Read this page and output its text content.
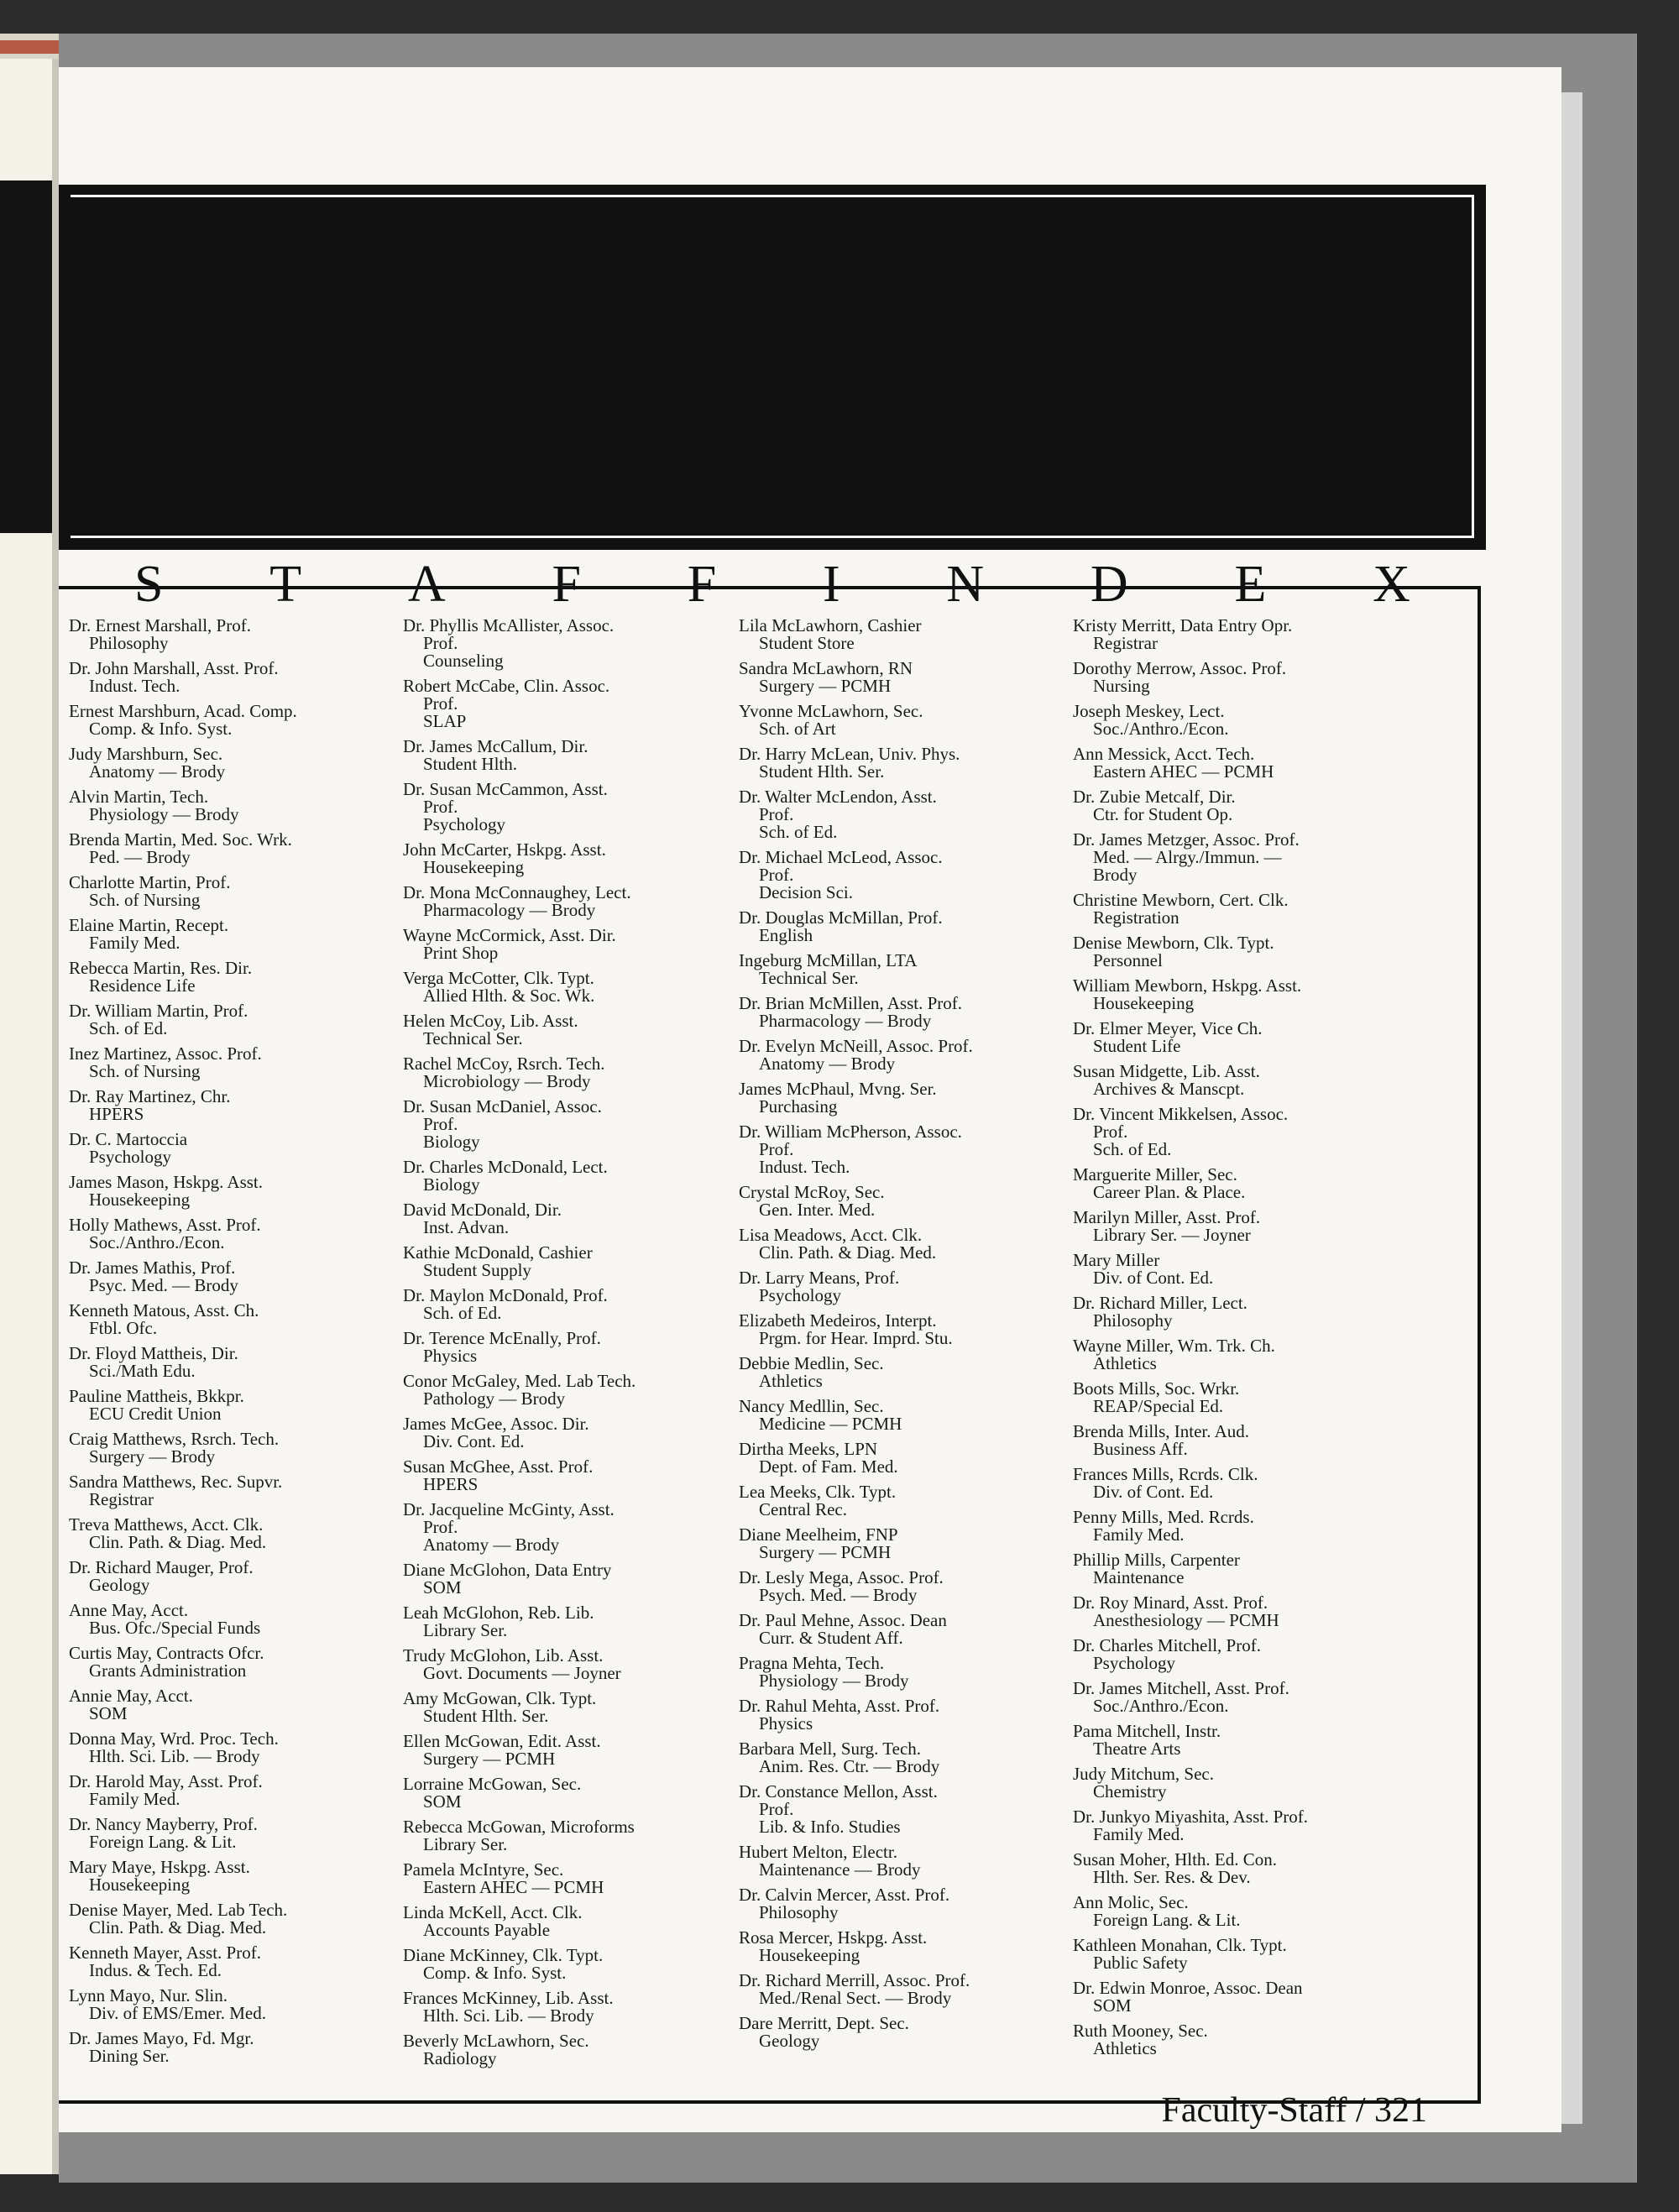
S T A F F I N D E X
Dr. Ernest Marshall, Prof.
Philosophy
Dr. John Marshall, Asst. Prof.
Indust. Tech.
Ernest Marshburn, Acad. Comp.
Comp. & Info. Syst.
Judy Marshburn, Sec.
Anatomy — Brody
Alvin Martin, Tech.
Physiology — Brody
Brenda Martin, Med. Soc. Wrk.
Ped. — Brody
Charlotte Martin, Prof.
Sch. of Nursing
Elaine Martin, Recept.
Family Med.
Rebecca Martin, Res. Dir.
Residence Life
Dr. William Martin, Prof.
Sch. of Ed.
Inez Martinez, Assoc. Prof.
Sch. of Nursing
Dr. Ray Martinez, Chr.
HPERS
Dr. C. Martoccia
Psychology
James Mason, Hskpg. Asst.
Housekeeping
Holly Mathews, Asst. Prof.
Soc./Anthro./Econ.
Dr. James Mathis, Prof.
Psyc. Med. — Brody
Kenneth Matous, Asst. Ch.
Ftbl. Ofc.
Dr. Floyd Mattheis, Dir.
Sci./Math Edu.
Pauline Mattheis, Bkkpr.
ECU Credit Union
Craig Matthews, Rsrch. Tech.
Surgery — Brody
Sandra Matthews, Rec. Supvr.
Registrar
Treva Matthews, Acct. Clk.
Clin. Path. & Diag. Med.
Dr. Richard Mauger, Prof.
Geology
Anne May, Acct.
Bus. Ofc./Special Funds
Curtis May, Contracts Ofcr.
Grants Administration
Annie May, Acct.
SOM
Donna May, Wrd. Proc. Tech.
Hlth. Sci. Lib. — Brody
Dr. Harold May, Asst. Prof.
Family Med.
Dr. Nancy Mayberry, Prof.
Foreign Lang. & Lit.
Mary Maye, Hskpg. Asst.
Housekeeping
Denise Mayer, Med. Lab Tech.
Clin. Path. & Diag. Med.
Kenneth Mayer, Asst. Prof.
Indus. & Tech. Ed.
Lynn Mayo, Nur. Slin.
Div. of EMS/Emer. Med.
Dr. James Mayo, Fd. Mgr.
Dining Ser.
Dr. Phyllis McAllister, Assoc.
Prof.
Counseling
Robert McCabe, Clin. Assoc.
Prof.
SLAP
Dr. James McCallum, Dir.
Student Hlth.
Dr. Susan McCammon, Asst.
Prof.
Psychology
John McCarter, Hskpg. Asst.
Housekeeping
Dr. Mona McConnaughey, Lect.
Pharmacology — Brody
Wayne McCormick, Asst. Dir.
Print Shop
Verga McCotter, Clk. Typt.
Allied Hlth. & Soc. Wk.
Helen McCoy, Lib. Asst.
Technical Ser.
Rachel McCoy, Rsrch. Tech.
Microbiology — Brody
Dr. Susan McDaniel, Assoc.
Prof.
Biology
Dr. Charles McDonald, Lect.
Biology
David McDonald, Dir.
Inst. Advan.
Kathie McDonald, Cashier
Student Supply
Dr. Maylon McDonald, Prof.
Sch. of Ed.
Dr. Terence McEnally, Prof.
Physics
Conor McGaley, Med. Lab Tech.
Pathology — Brody
James McGee, Assoc. Dir.
Div. Cont. Ed.
Susan McGhee, Asst. Prof.
HPERS
Dr. Jacqueline McGinty, Asst.
Prof.
Anatomy — Brody
Diane McGlohon, Data Entry
SOM
Leah McGlohon, Reb. Lib.
Library Ser.
Trudy McGlohon, Lib. Asst.
Govt. Documents — Joyner
Amy McGowan, Clk. Typt.
Student Hlth. Ser.
Ellen McGowan, Edit. Asst.
Surgery — PCMH
Lorraine McGowan, Sec.
SOM
Rebecca McGowan, Microforms
Library Ser.
Pamela McIntyre, Sec.
Eastern AHEC — PCMH
Linda McKell, Acct. Clk.
Accounts Payable
Diane McKinney, Clk. Typt.
Comp. & Info. Syst.
Frances McKinney, Lib. Asst.
Hlth. Sci. Lib. — Brody
Beverly McLawhorn, Sec.
Radiology
Lila McLawhorn, Cashier
Student Store
Sandra McLawhorn, RN
Surgery — PCMH
Yvonne McLawhorn, Sec.
Sch. of Art
Dr. Harry McLean, Univ. Phys.
Student Hlth. Ser.
Dr. Walter McLendon, Asst.
Prof.
Sch. of Ed.
Dr. Michael McLeod, Assoc.
Prof.
Decision Sci.
Dr. Douglas McMillan, Prof.
English
Ingeburg McMillan, LTA
Technical Ser.
Dr. Brian McMillen, Asst. Prof.
Pharmacology — Brody
Dr. Evelyn McNeill, Assoc. Prof.
Anatomy — Brody
James McPhaul, Mvng. Ser.
Purchasing
Dr. William McPherson, Assoc.
Prof.
Indust. Tech.
Crystal McRoy, Sec.
Gen. Inter. Med.
Lisa Meadows, Acct. Clk.
Clin. Path. & Diag. Med.
Dr. Larry Means, Prof.
Psychology
Elizabeth Medeiros, Interpt.
Prgm. for Hear. Imprd. Stu.
Debbie Medlin, Sec.
Athletics
Nancy Medllin, Sec.
Medicine — PCMH
Dirtha Meeks, LPN
Dept. of Fam. Med.
Lea Meeks, Clk. Typt.
Central Rec.
Diane Meelheim, FNP
Surgery — PCMH
Dr. Lesly Mega, Assoc. Prof.
Psych. Med. — Brody
Dr. Paul Mehne, Assoc. Dean
Curr. & Student Aff.
Pragna Mehta, Tech.
Physiology — Brody
Dr. Rahul Mehta, Asst. Prof.
Physics
Barbara Mell, Surg. Tech.
Anim. Res. Ctr. — Brody
Dr. Constance Mellon, Asst.
Prof.
Lib. & Info. Studies
Hubert Melton, Electr.
Maintenance — Brody
Dr. Calvin Mercer, Asst. Prof.
Philosophy
Rosa Mercer, Hskpg. Asst.
Housekeeping
Dr. Richard Merrill, Assoc. Prof.
Med./Renal Sect. — Brody
Dare Merritt, Dept. Sec.
Geology
Kristy Merritt, Data Entry Opr.
Registrar
Dorothy Merrow, Assoc. Prof.
Nursing
Joseph Meskey, Lect.
Soc./Anthro./Econ.
Ann Messick, Acct. Tech.
Eastern AHEC — PCMH
Dr. Zubie Metcalf, Dir.
Ctr. for Student Op.
Dr. James Metzger, Assoc. Prof.
Med. — Alrgy./Immun. —
Brody
Christine Mewborn, Cert. Clk.
Registration
Denise Mewborn, Clk. Typt.
Personnel
William Mewborn, Hskpg. Asst.
Housekeeping
Dr. Elmer Meyer, Vice Ch.
Student Life
Susan Midgette, Lib. Asst.
Archives & Manscpt.
Dr. Vincent Mikkelsen, Assoc.
Prof.
Sch. of Ed.
Marguerite Miller, Sec.
Career Plan. & Place.
Marilyn Miller, Asst. Prof.
Library Ser. — Joyner
Mary Miller
Div. of Cont. Ed.
Dr. Richard Miller, Lect.
Philosophy
Wayne Miller, Wm. Trk. Ch.
Athletics
Boots Mills, Soc. Wrkr.
REAP/Special Ed.
Brenda Mills, Inter. Aud.
Business Aff.
Frances Mills, Rcrds. Clk.
Div. of Cont. Ed.
Penny Mills, Med. Rcrds.
Family Med.
Phillip Mills, Carpenter
Maintenance
Dr. Roy Minard, Asst. Prof.
Anesthesiology — PCMH
Dr. Charles Mitchell, Prof.
Psychology
Dr. James Mitchell, Asst. Prof.
Soc./Anthro./Econ.
Pama Mitchell, Instr.
Theatre Arts
Judy Mitchum, Sec.
Chemistry
Dr. Junkyo Miyashita, Asst. Prof.
Family Med.
Susan Moher, Hlth. Ed. Con.
Hlth. Ser. Res. & Dev.
Ann Molic, Sec.
Foreign Lang. & Lit.
Kathleen Monahan, Clk. Typt.
Public Safety
Dr. Edwin Monroe, Assoc. Dean
SOM
Ruth Mooney, Sec.
Athletics
Faculty-Staff / 321
